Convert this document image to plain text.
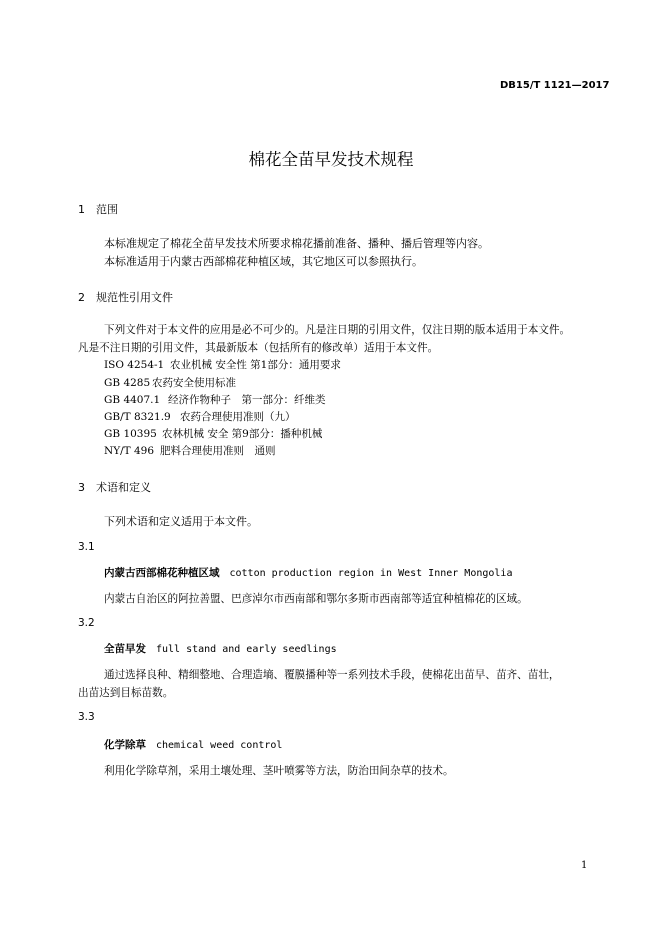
DB15/T 1121—2017
棉花全苗早发技术规程
1 范围
本标准规定了棉花全苗早发技术所要求棉花播前准备、播种、播后管理等内容。
本标准适用于内蒙古西部棉花种植区域，其它地区可以参照执行。
2 规范性引用文件
下列文件对于本文件的应用是必不可少的。凡是注日期的引用文件，仅注日期的版本适用于本文件。
凡是不注日期的引用文件，其最新版本（包括所有的修改单）适用于本文件。
ISO 4254-1 农业机械 安全性 第1部分：通用要求
GB 4285 农药安全使用标准
GB 4407.1 经济作物种子　第一部分：纤维类
GB/T 8321.9 农药合理使用准则（九）
GB 10395 农林机械 安全 第9部分：播种机械
NY/T 496 肥料合理使用准则　通则
3 术语和定义
下列术语和定义适用于本文件。
3.1
内蒙古西部棉花种植区域 cotton production region in West Inner Mongolia
内蒙古自治区的阿拉善盟、巴彦淖尔市西南部和鄂尔多斯市西南部等适宜种植棉花的区域。
3.2
全苗早发 full stand and early seedlings
通过选择良种、精细整地、合理造墒、覆膜播种等一系列技术手段，使棉花出苗早、苗齐、苗壮，
出苗达到目标苗数。
3.3
化学除草 chemical weed control
利用化学除草剂，采用土壤处理、茎叶喷雾等方法，防治田间杂草的技术。
1
